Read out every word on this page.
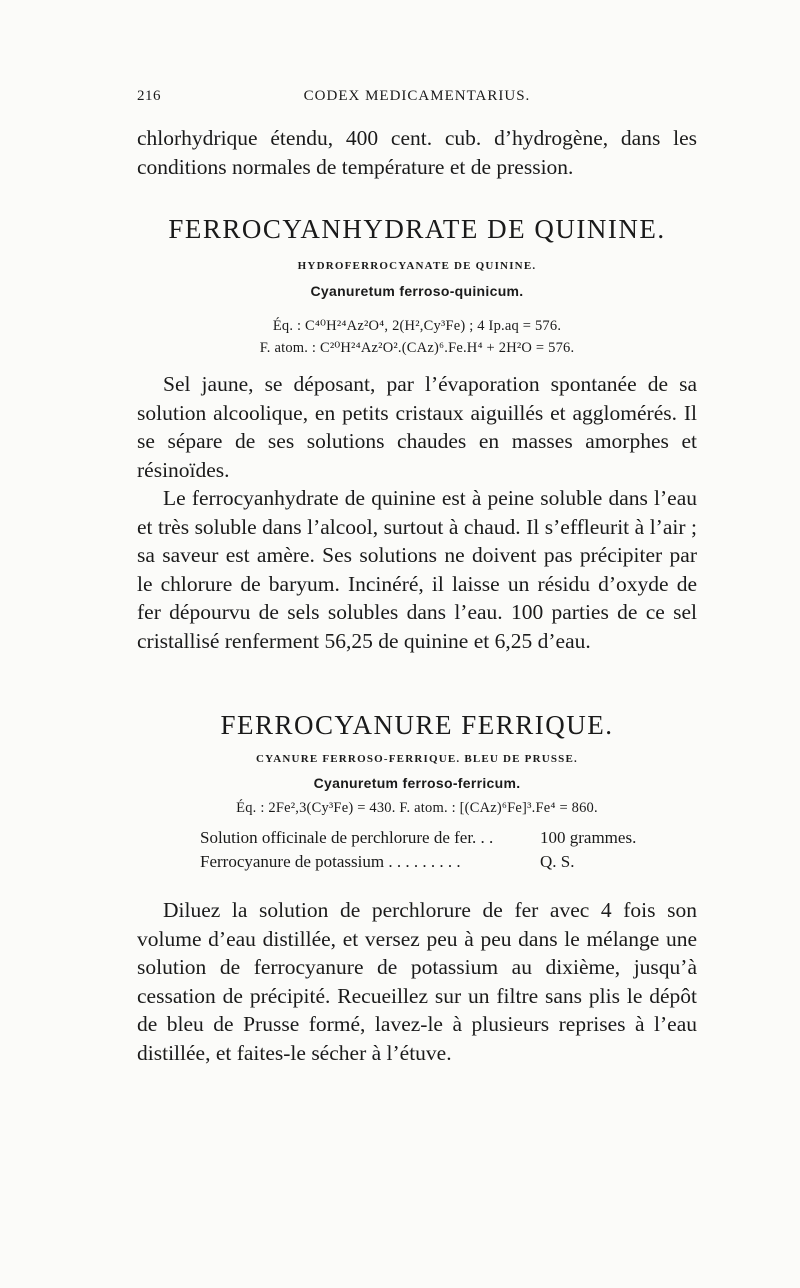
216	CODEX MEDICAMENTARIUS.

chlorhydrique étendu, 400 cent. cub. d’hydrogène, dans les conditions normales de température et de pression.

FERROCYANHYDRATE DE QUININE.
HYDROFERROCYANATE DE QUININE.
Cyanuretum ferroso-quinicum.
Éq. : C⁴⁰H²⁴Az²O⁴, 2(H²,Cy³Fe) ; 4 Ip.aq = 576.
F. atom. : C²⁰H²⁴Az²O².(CAz)⁶.Fe.H⁴ + 2H²O = 576.

Sel jaune, se déposant, par l’évaporation spontanée de sa solution alcoolique, en petits cristaux aiguillés et agglomérés. Il se sépare de ses solutions chaudes en masses amorphes et résinoïdes.

Le ferrocyanhydrate de quinine est à peine soluble dans l’eau et très soluble dans l’alcool, surtout à chaud. Il s’effleurit à l’air ; sa saveur est amère. Ses solutions ne doivent pas précipiter par le chlorure de baryum. Incinéré, il laisse un résidu d’oxyde de fer dépourvu de sels solubles dans l’eau. 100 parties de ce sel cristallisé renferment 56,25 de quinine et 6,25 d’eau.

FERROCYANURE FERRIQUE.
CYANURE FERROSO-FERRIQUE. BLEU DE PRUSSE.
Cyanuretum ferroso-ferricum.
Éq. : 2Fe²,3(Cy³Fe) = 430. F. atom. : [(CAz)⁶Fe]³.Fe⁴ = 860.
Solution officinale de perchlorure de fer. . .	100 grammes.
Ferrocyanure de potassium . . . . . . . . .	Q. S.

Diluez la solution de perchlorure de fer avec 4 fois son volume d’eau distillée, et versez peu à peu dans le mélange une solution de ferrocyanure de potassium au dixième, jusqu’à cessation de précipité. Recueillez sur un filtre sans plis le dépôt de bleu de Prusse formé, lavez-le à plusieurs reprises à l’eau distillée, et faites-le sécher à l’étuve.
